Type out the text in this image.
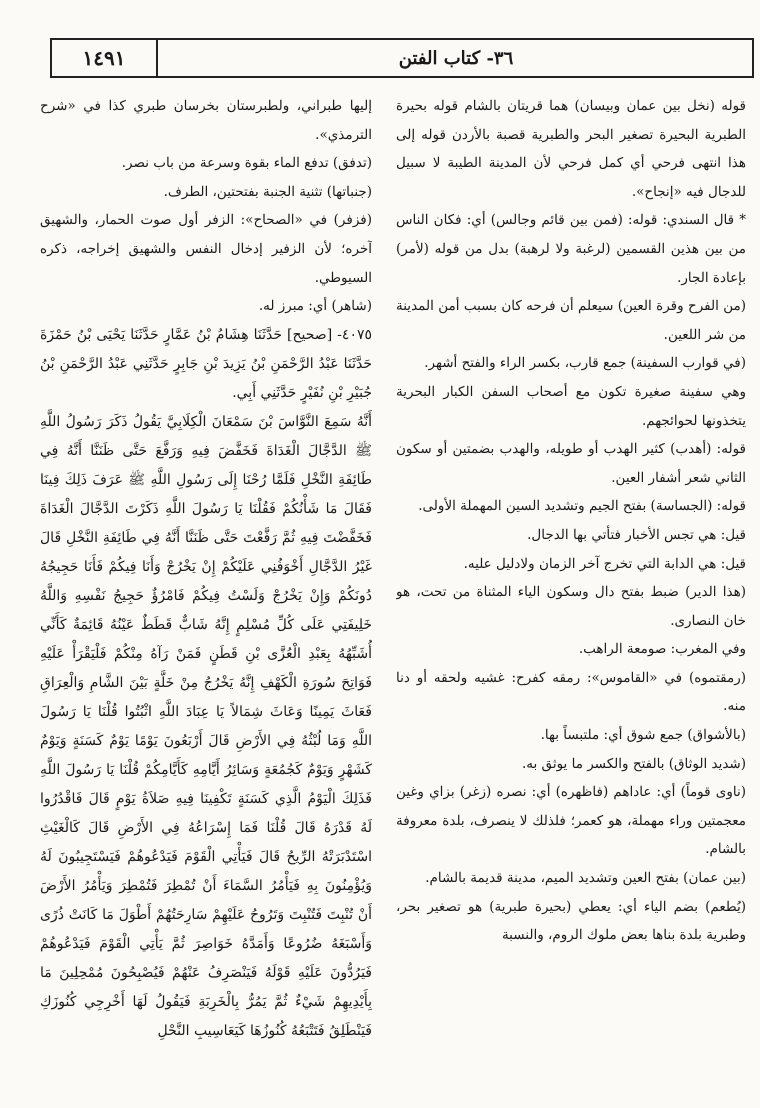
٣٦- كتاب الفتن
١٤٩١

قوله (نخل بين عمان وبيسان) هما قريتان بالشام قوله بحيرة الطبرية البحيرة تصغير البحر والطبرية قصبة بالأردن قوله إلى هذا انتهى فرحي أي كمل فرحي لأن المدينة الطيبة لا سبيل للدجال فيه «إنجاح».

* قال السندي: قوله: (فمن بين قائم وجالس) أي: فكان الناس من بين هذين القسمين (لرغبة ولا لرهبة) بدل من قوله (لأمر) بإعادة الجار.

(من الفرح وقرة العين) سيعلم أن فرحه كان بسبب أمن المدينة من شر اللعين.

(في قوارب السفينة) جمع قارب، بكسر الراء والفتح أشهر.

وهي سفينة صغيرة تكون مع أصحاب السفن الكبار البحرية يتخذونها لحوائجهم.

قوله: (أهدب) كثير الهدب أو طويله، والهدب بضمتين أو سكون الثاني شعر أشفار العين.

قوله: (الجساسة) بفتح الجيم وتشديد السين المهملة الأولى.

قيل: هي تجس الأخبار فتأتي بها الدجال.

قيل: هي الدابة التي تخرج آخر الزمان ولادليل عليه.

(هذا الدير) ضبط بفتح دال وسكون الياء المثناة من تحت، هو خان النصارى.

وفي المغرب: صومعة الراهب.

(رمقتموه) في «القاموس»: رمقه كفرح: غشيه ولحقه أو دنا منه.

(بالأشواق) جمع شوق أي: ملتبساً بها.

(شديد الوثاق) بالفتح والكسر ما يوثق به.

(ناوى قوماً) أي: عاداهم (فاظهره) أي: نصره (زغر) بزاي وغين معجمتين وراء مهملة، هو كعمر؛ فلذلك لا ينصرف، بلدة معروفة بالشام.

(بين عمان) بفتح العين وتشديد الميم، مدينة قديمة بالشام.

(يُطعم) بضم الياء أي: يعطي (بحيرة طبرية) هو تصغير بحر، وطبرية بلدة بناها بعض ملوك الروم، والنسبة

إليها طبراني، ولطبرستان بخرسان طبري كذا في «شرح الترمذي».

(تدفق) تدفع الماء بقوة وسرعة من باب نصر.

(جنباتها) تثنية الجنبة بفتحتين، الطرف.

(فزفر) في «الصحاح»: الزفر أول صوت الحمار، والشهيق آخره؛ لأن الزفير إدخال النفس والشهيق إخراجه، ذكره السيوطي.

(شاهر) أي: مبرز له.

٤٠٧٥- [صحيح] حَدَّثَنَا هِشَامُ بْنُ عَمَّارٍ حَدَّثَنَا يَحْيَى بْنُ حَمْزَةَ حَدَّثَنَا عَبْدُ الرَّحْمَنِ بْنُ يَزِيدَ بْنِ جَابِرٍ حَدَّثَنِي عَبْدُ الرَّحْمَنِ بْنُ جُبَيْرِ بْنِ نُفَيْرٍ حَدَّثَنِي أَبِي.

أَنَّهُ سَمِعَ النَّوَّاسَ بْنَ سَمْعَانَ الْكِلَابِيَّ يَقُولُ ذَكَرَ رَسُولُ اللَّهِ ﷺ الدَّجَّالَ الْغَدَاةَ فَخَفَّضَ فِيهِ وَرَفَّعَ حَتَّى ظَنَنَّا أَنَّهُ فِي طَائِفَةِ النَّخْلِ فَلَمَّا رُحْنَا إِلَى رَسُولِ اللَّهِ ﷺ عَرَفَ ذَلِكَ فِينَا فَقَالَ مَا شَأْنُكُمْ فَقُلْنَا يَا رَسُولَ اللَّهِ ذَكَرْتَ الدَّجَّالَ الْغَدَاةَ فَخَفَّضْتَ فِيهِ ثُمَّ رَفَّعْتَ حَتَّى ظَنَنَّا أَنَّهُ فِي طَائِفَةِ النَّخْلِ قَالَ غَيْرُ الدَّجَّالِ أَخْوَفُنِي عَلَيْكُمْ إِنْ يَخْرُجْ وَأَنَا فِيكُمْ فَأَنَا حَجِيجُهُ دُونَكُمْ وَإِنْ يَخْرُجْ وَلَسْتُ فِيكُمْ فَامْرُؤٌ حَجِيجُ نَفْسِهِ وَاللَّهُ خَلِيفَتِي عَلَى كُلِّ مُسْلِمٍ إِنَّهُ شَابٌّ قَطَطٌ عَيْنُهُ قَائِمَةٌ كَأَنِّي أُشَبِّهُهُ بِعَبْدِ الْعُزَّى بْنِ قَطَنٍ فَمَنْ رَآهُ مِنْكُمْ فَلْيَقْرَأْ عَلَيْهِ فَوَاتِحَ سُورَةِ الْكَهْفِ إِنَّهُ يَخْرُجُ مِنْ خَلَّةٍ بَيْنَ الشَّامِ وَالْعِرَاقِ فَعَاثَ يَمِينًا وَعَاثَ شِمَالاً يَا عِبَادَ اللَّهِ اثْبُتُوا قُلْنَا يَا رَسُولَ اللَّهِ وَمَا لُبْثُهُ فِي الأَرْضِ قَالَ أَرْبَعُونَ يَوْمًا يَوْمٌ كَسَنَةٍ وَيَوْمٌ كَشَهْرٍ وَيَوْمٌ كَجُمُعَةٍ وَسَائِرُ أَيَّامِهِ كَأَيَّامِكُمْ قُلْنَا يَا رَسُولَ اللَّهِ فَذَلِكَ الْيَوْمُ الَّذِي كَسَنَةٍ تَكْفِينَا فِيهِ صَلاَةُ يَوْمٍ قَالَ فَاقْدُرُوا لَهُ قَدْرَهُ قَالَ قُلْنَا فَمَا إِسْرَاعُهُ فِي الأَرْضِ قَالَ كَالْغَيْثِ اسْتَدْبَرَتْهُ الرِّيحُ قَالَ فَيَأْتِي الْقَوْمَ فَيَدْعُوهُمْ فَيَسْتَجِيبُونَ لَهُ وَيُؤْمِنُونَ بِهِ فَيَأْمُرُ السَّمَاءَ أَنْ تُمْطِرَ فَتُمْطِرَ وَيَأْمُرُ الأَرْضَ أَنْ تُنْبِتَ فَتُنْبِتَ وَتَرُوحُ عَلَيْهِمْ سَارِحَتُهُمْ أَطْوَلَ مَا كَانَتْ ذُرًى وَأَسْبَغَهُ ضُرُوعًا وَأَمَدَّهُ خَوَاصِرَ ثُمَّ يَأْتِي الْقَوْمَ فَيَدْعُوهُمْ فَيَرُدُّونَ عَلَيْهِ قَوْلَهُ فَيَنْصَرِفُ عَنْهُمْ فَيُصْبِحُونَ مُمْحِلِينَ مَا بِأَيْدِيهِمْ شَيْءٌ ثُمَّ يَمُرُّ بِالْخَرِبَةِ فَيَقُولُ لَهَا أَخْرِجِي كُنُوزَكِ فَيَنْطَلِقُ فَتَتْبَعُهُ كُنُوزُهَا كَيَعَاسِيبِ النَّحْلِ
